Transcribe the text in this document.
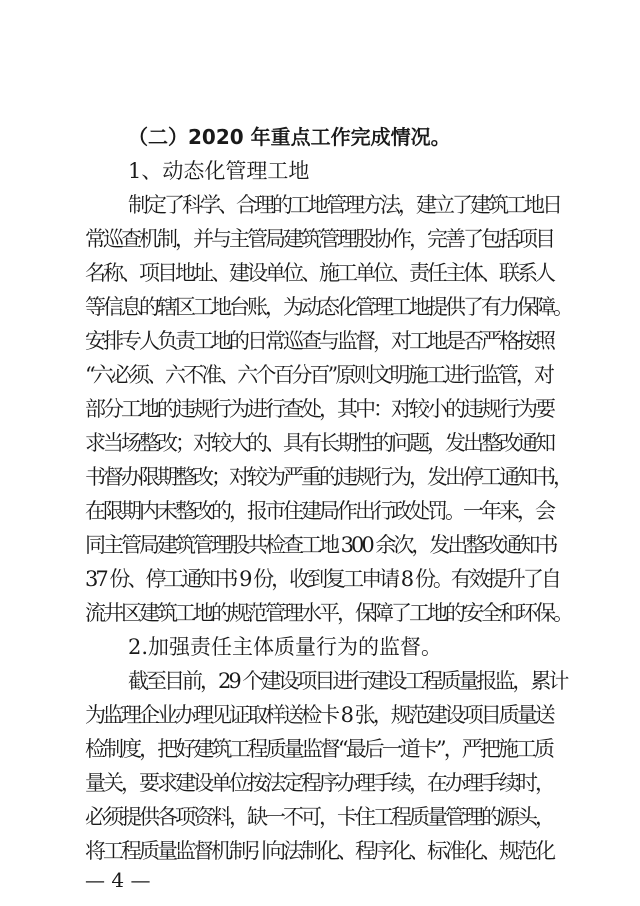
（二）2020 年重点工作完成情况。
1、动态化管理工地
制定了科学、合理的工地管理方法，建立了建筑工地日
常巡查机制，并与主管局建筑管理股协作，完善了包括项目
名称、项目地址、建设单位、施工单位、责任主体、联系人
等信息的辖区工地台账，为动态化管理工地提供了有力保障。
安排专人负责工地的日常巡查与监督，对工地是否严格按照
“六必须、六不准、六个百分百”原则文明施工进行监管，对
部分工地的违规行为进行查处，其中：对较小的违规行为要
求当场整改；对较大的、具有长期性的问题，发出整改通知
书督办限期整改；对较为严重的违规行为，发出停工通知书，
在限期内未整改的，报市住建局作出行政处罚。一年来，会
同主管局建筑管理股共检查工地 300 余次，发出整改通知书
37 份、停工通知书 9 份，收到复工申请 8 份。有效提升了自
流井区建筑工地的规范管理水平，保障了工地的安全和环保。
2.加强责任主体质量行为的监督。
截至目前，29 个建设项目进行建设工程质量报监，累计
为监理企业办理见证取样送检卡 8 张，规范建设项目质量送
检制度，把好建筑工程质量监督“最后一道卡”，严把施工质
量关，要求建设单位按法定程序办理手续，在办理手续时，
必须提供各项资料，缺一不可，卡住工程质量管理的源头，
将工程质量监督机制引向法制化、程序化、标准化、规范化
— 4 —
